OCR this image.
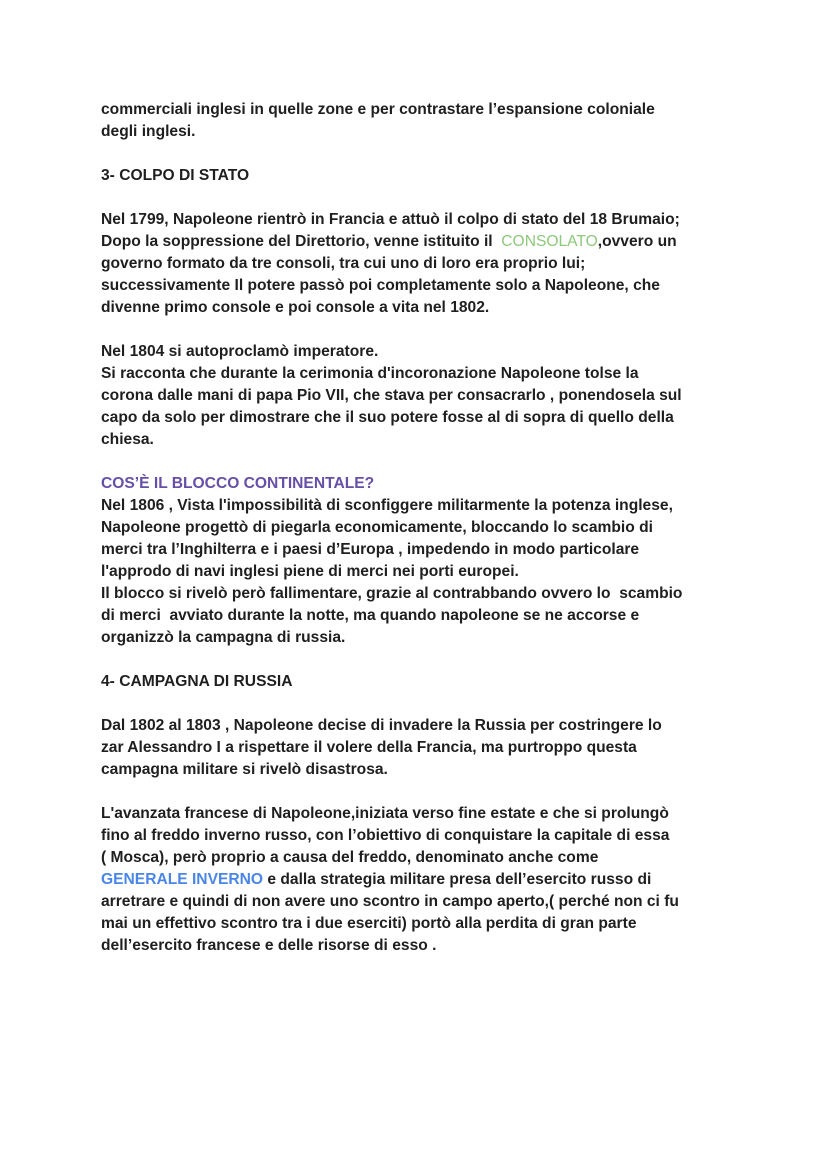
commerciali inglesi in quelle zone e per contrastare l’espansione coloniale
degli inglesi.
3- COLPO DI STATO
Nel 1799, Napoleone rientrò in Francia e attuò il colpo di stato del 18 Brumaio;
Dopo la soppressione del Direttorio, venne istituito il  CONSOLATO,ovvero un
governo formato da tre consoli, tra cui uno di loro era proprio lui;
successivamente Il potere passò poi completamente solo a Napoleone, che
divenne primo console e poi console a vita nel 1802.
Nel 1804 si autoproclamò imperatore.
Si racconta che durante la cerimonia d'incoronazione Napoleone tolse la
corona dalle mani di papa Pio VII, che stava per consacrarlo , ponendosela sul
capo da solo per dimostrare che il suo potere fosse al di sopra di quello della
chiesa.
COS’È IL BLOCCO CONTINENTALE?
Nel 1806 , Vista l'impossibilità di sconfiggere militarmente la potenza inglese,
Napoleone progettò di piegarla economicamente, bloccando lo scambio di
merci tra l’Inghilterra e i paesi d’Europa , impedendo in modo particolare
l'approdo di navi inglesi piene di merci nei porti europei.
Il blocco si rivelò però fallimentare, grazie al contrabbando ovvero lo  scambio
di merci  avviato durante la notte, ma quando napoleone se ne accorse e
organizzò la campagna di russia.
4- CAMPAGNA DI RUSSIA
Dal 1802 al 1803 , Napoleone decise di invadere la Russia per costringere lo
zar Alessandro I a rispettare il volere della Francia, ma purtroppo questa
campagna militare si rivelò disastrosa.
L'avanzata francese di Napoleone,iniziata verso fine estate e che si prolungò
fino al freddo inverno russo, con l’obiettivo di conquistare la capitale di essa
( Mosca), però proprio a causa del freddo, denominato anche come
GENERALE INVERNO e dalla strategia militare presa dell’esercito russo di
arretrare e quindi di non avere uno scontro in campo aperto,( perché non ci fu
mai un effettivo scontro tra i due eserciti) portò alla perdita di gran parte
dell’esercito francese e delle risorse di esso .
